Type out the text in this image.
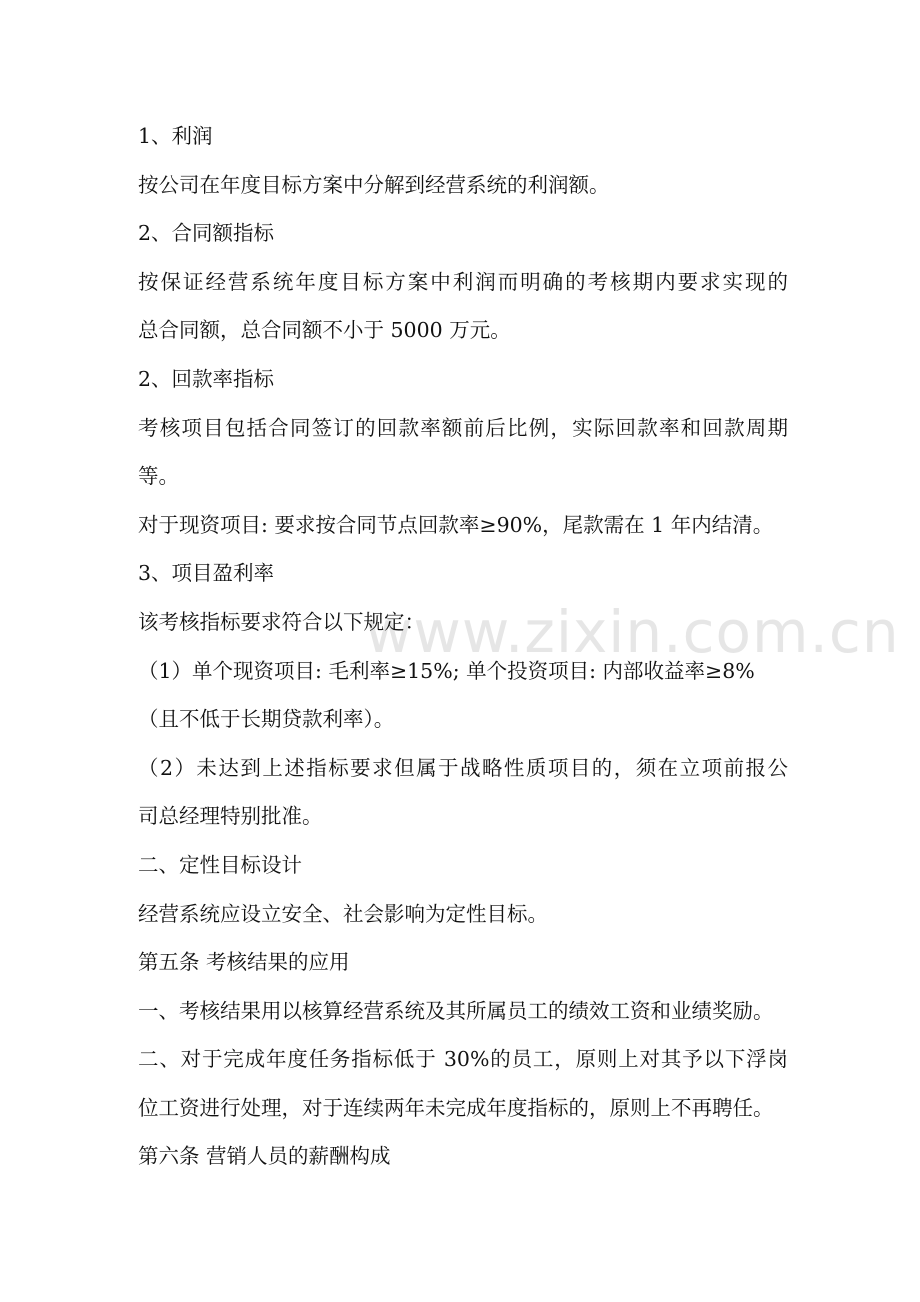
www.zixin.com.cn
1、利润
按公司在年度目标方案中分解到经营系统的利润额。
2、合同额指标
按保证经营系统年度目标方案中利润而明确的考核期内要求实现的
总合同额，总合同额不小于 5000 万元。
2、回款率指标
考核项目包括合同签订的回款率额前后比例，实际回款率和回款周期
等。
对于现资项目: 要求按合同节点回款率≥90%，尾款需在 1 年内结清。
3、项目盈利率
该考核指标要求符合以下规定：
（1）单个现资项目: 毛利率≥15%; 单个投资项目: 内部收益率≥8%
（且不低于长期贷款利率）。
（2）未达到上述指标要求但属于战略性质项目的，须在立项前报公
司总经理特别批准。
二、定性目标设计
经营系统应设立安全、社会影响为定性目标。
第五条 考核结果的应用
一、考核结果用以核算经营系统及其所属员工的绩效工资和业绩奖励。
二、对于完成年度任务指标低于 30%的员工，原则上对其予以下浮岗
位工资进行处理，对于连续两年未完成年度指标的，原则上不再聘任。
第六条 营销人员的薪酬构成
